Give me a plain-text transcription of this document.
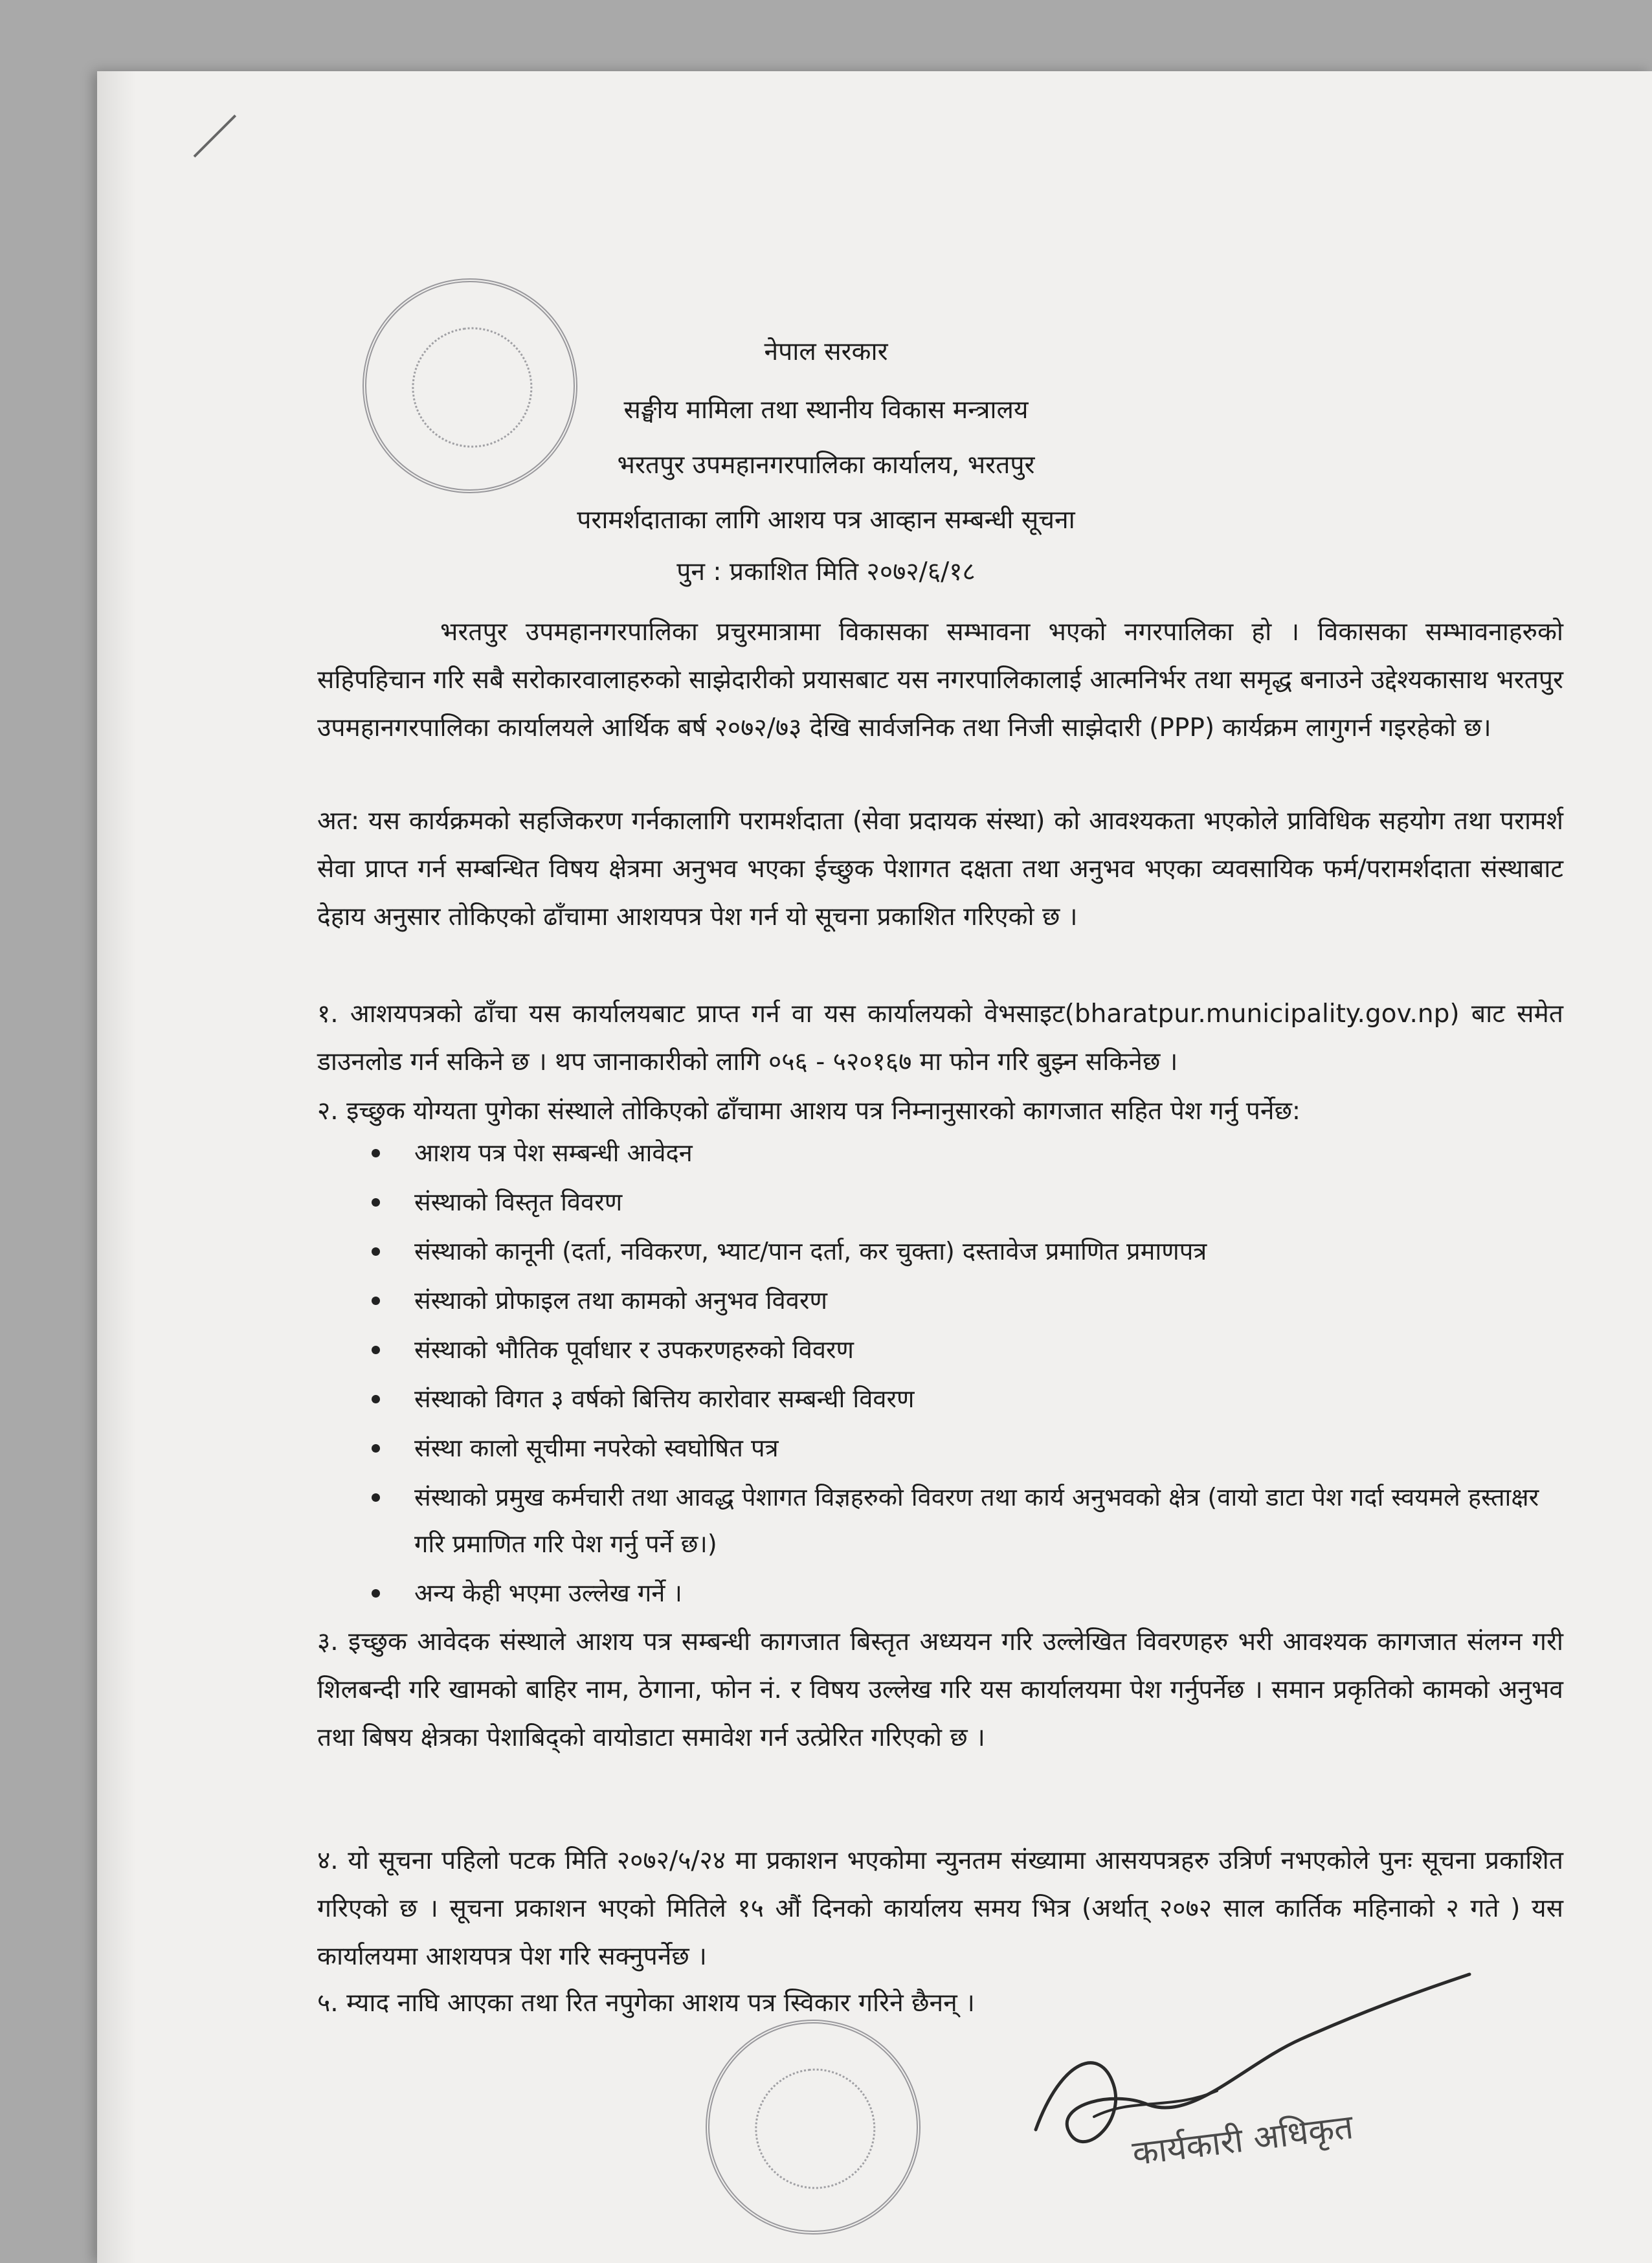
नेपाल सरकार
सङ्घीय मामिला तथा स्थानीय विकास मन्त्रालय
भरतपुर उपमहानगरपालिका कार्यालय, भरतपुर
परामर्शदाताका लागि आशय पत्र आव्हान सम्बन्धी सूचना
पुन : प्रकाशित मिति २०७२/६/१८
भरतपुर उपमहानगरपालिका प्रचुरमात्रामा विकासका सम्भावना भएको नगरपालिका हो । विकासका सम्भावनाहरुको सहिपहिचान गरि सबै सरोकारवालाहरुको साझेदारीको प्रयासबाट यस नगरपालिकालाई आत्मनिर्भर तथा समृद्ध बनाउने उद्देश्यकासाथ भरतपुर उपमहानगरपालिका कार्यालयले आर्थिक बर्ष २०७२/७३ देखि सार्वजनिक तथा निजी साझेदारी (PPP) कार्यक्रम लागुगर्न गइरहेको छ।
अत: यस कार्यक्रमको सहजिकरण गर्नकालागि परामर्शदाता (सेवा प्रदायक संस्था) को आवश्यकता भएकोले प्राविधिक सहयोग तथा परामर्श सेवा प्राप्त गर्न सम्बन्धित विषय क्षेत्रमा अनुभव भएका ईच्छुक पेशागत दक्षता तथा अनुभव भएका व्यवसायिक फर्म/परामर्शदाता संस्थाबाट देहाय अनुसार तोकिएको ढाँचामा आशयपत्र पेश गर्न यो सूचना प्रकाशित गरिएको छ ।
१. आशयपत्रको ढाँचा यस कार्यालयबाट प्राप्त गर्न वा यस कार्यालयको वेभसाइट(bharatpur.municipality.gov.np) बाट समेत डाउनलोड गर्न सकिने छ । थप जानाकारीको लागि ०५६ - ५२०१६७ मा फोन गरि बुझ्न सकिनेछ ।
२. इच्छुक योग्यता पुगेका संस्थाले तोकिएको ढाँचामा आशय पत्र निम्नानुसारको कागजात सहित पेश गर्नु पर्नेछ:
आशय पत्र पेश सम्बन्धी आवेदन
संस्थाको विस्तृत विवरण
संस्थाको कानूनी (दर्ता, नविकरण, भ्याट/पान दर्ता, कर चुक्ता) दस्तावेज प्रमाणित प्रमाणपत्र
संस्थाको प्रोफाइल तथा कामको अनुभव विवरण
संस्थाको भौतिक पूर्वाधार र उपकरणहरुको विवरण
संस्थाको विगत ३ वर्षको बित्तिय कारोवार सम्बन्धी विवरण
संस्था कालो सूचीमा नपरेको स्वघोषित पत्र
संस्थाको प्रमुख कर्मचारी तथा आवद्ध पेशागत विज्ञहरुको विवरण तथा कार्य अनुभवको क्षेत्र (वायो डाटा पेश गर्दा स्वयमले हस्ताक्षर गरि प्रमाणित गरि पेश गर्नु पर्ने छ।)
अन्य केही भएमा उल्लेख गर्ने ।
३. इच्छुक आवेदक संस्थाले आशय पत्र सम्बन्धी कागजात बिस्तृत अध्ययन गरि उल्लेखित विवरणहरु भरी आवश्यक कागजात संलग्न गरी शिलबन्दी गरि खामको बाहिर नाम, ठेगाना, फोन नं. र विषय उल्लेख गरि यस कार्यालयमा पेश गर्नुपर्नेछ । समान प्रकृतिको कामको अनुभव तथा बिषय क्षेत्रका पेशाबिद्को वायोडाटा समावेश गर्न उत्प्रेरित गरिएको छ ।
४. यो सूचना पहिलो पटक मिति २०७२/५/२४ मा प्रकाशन भएकोमा न्युनतम संख्यामा आसयपत्रहरु उत्रिर्ण नभएकोले पुनः सूचना प्रकाशित गरिएको छ । सूचना प्रकाशन भएको मितिले १५ औं दिनको कार्यालय समय भित्र (अर्थात् २०७२ साल कार्तिक महिनाको २ गते ) यस कार्यालयमा आशयपत्र पेश गरि सक्नुपर्नेछ ।
५. म्याद नाघि आएका तथा रित नपुगेका आशय पत्र स्विकार गरिने छैनन् ।
कार्यकारी अधिकृत
